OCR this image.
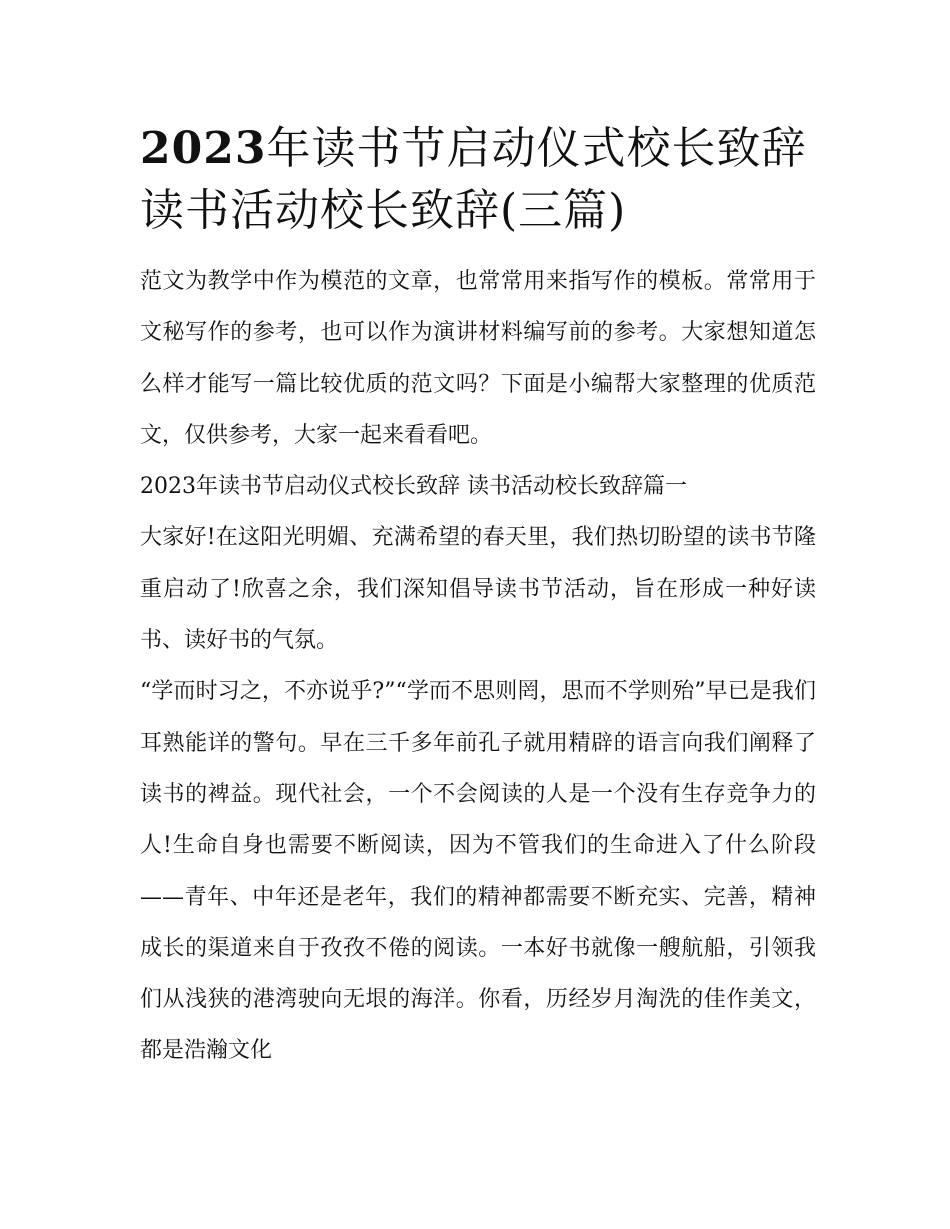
2023年读书节启动仪式校长致辞 读书活动校长致辞(三篇)

范文为教学中作为模范的文章，也常常用来指写作的模板。常常用于文秘写作的参考，也可以作为演讲材料编写前的参考。大家想知道怎么样才能写一篇比较优质的范文吗？下面是小编帮大家整理的优质范文，仅供参考，大家一起来看看吧。

2023年读书节启动仪式校长致辞 读书活动校长致辞篇一

大家好!在这阳光明媚、充满希望的春天里，我们热切盼望的读书节隆重启动了!欣喜之余，我们深知倡导读书节活动，旨在形成一种好读书、读好书的气氛。

“学而时习之，不亦说乎?”“学而不思则罔，思而不学则殆”早已是我们耳熟能详的警句。早在三千多年前孔子就用精辟的语言向我们阐释了读书的裨益。现代社会，一个不会阅读的人是一个没有生存竞争力的人!生命自身也需要不断阅读，因为不管我们的生命进入了什么阶段——青年、中年还是老年，我们的精神都需要不断充实、完善，精神成长的渠道来自于孜孜不倦的阅读。一本好书就像一艘航船，引领我们从浅狭的港湾驶向无垠的海洋。你看，历经岁月淘洗的佳作美文，都是浩瀚文化
